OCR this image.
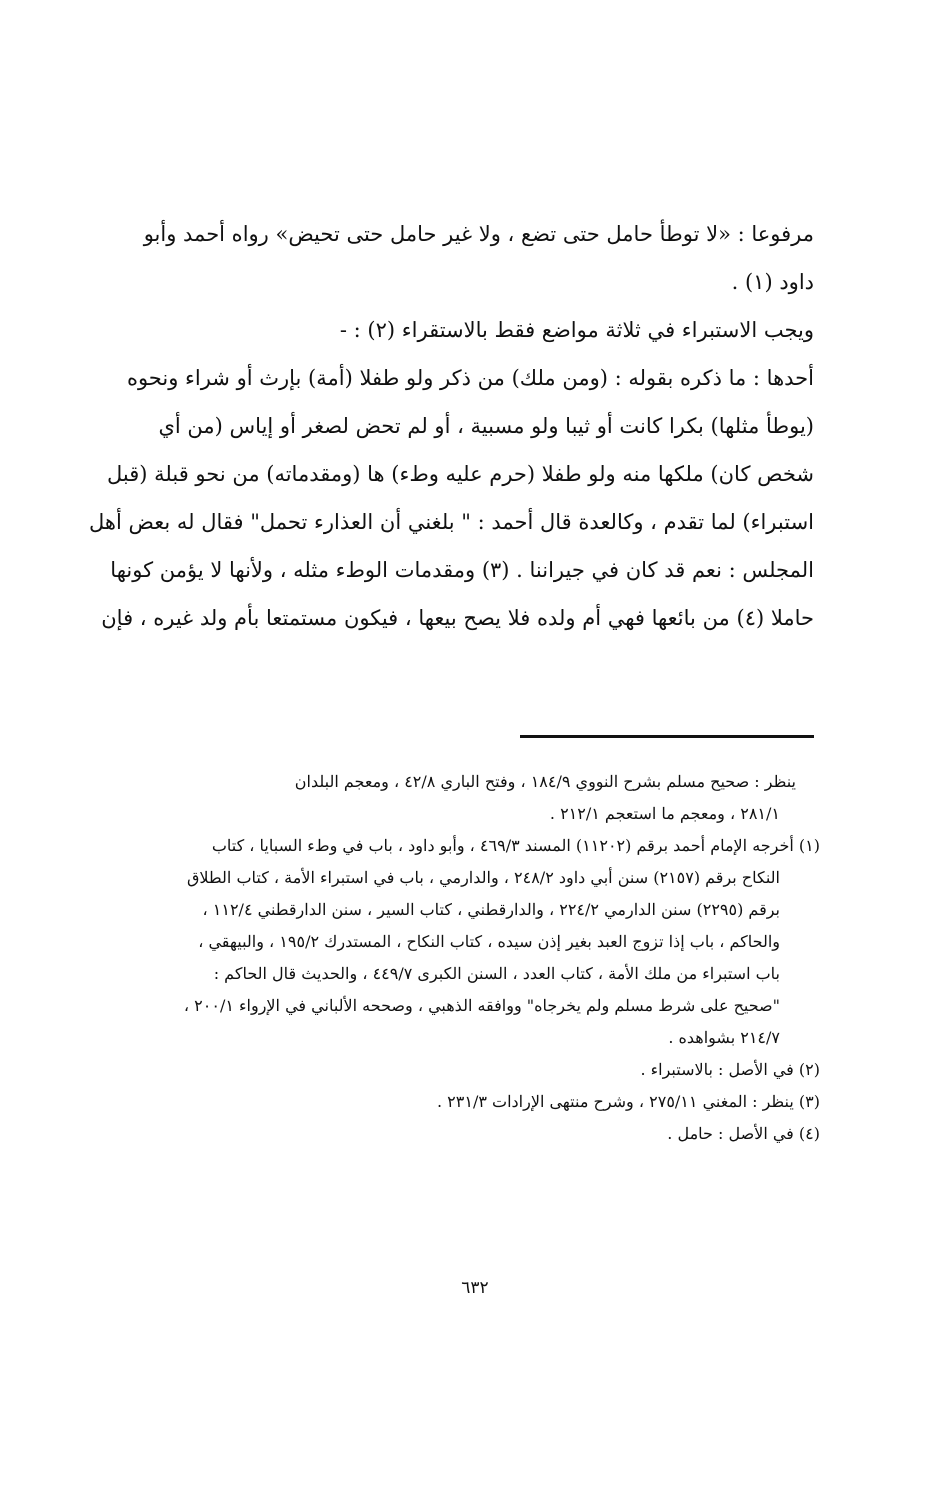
مرفوعا : «لا توطأ حامل حتى تضع ، ولا غير حامل حتى تحيض» رواه أحمد وأبو
داود (١) .
ويجب الاستبراء في ثلاثة مواضع فقط بالاستقراء (٢) : -
أحدها : ما ذكره بقوله : (ومن ملك) من ذكر ولو طفلا (أمة) بإرث أو شراء ونحوه
(يوطأ مثلها) بكرا كانت أو ثيبا ولو مسبية ، أو لم تحض لصغر أو إياس (من أي
شخص كان) ملكها منه ولو طفلا (حرم عليه وطء) ها (ومقدماته) من نحو قبلة (قبل
استبراء) لما تقدم ، وكالعدة قال أحمد : " بلغني أن العذارء تحمل" فقال له بعض أهل
المجلس : نعم قد كان في جيراننا . (٣) ومقدمات الوطء مثله ، ولأنها لا يؤمن كونها
حاملا (٤) من بائعها فهي أم ولده فلا يصح بيعها ، فيكون مستمتعا بأم ولد غيره ، فإن
ينظر : صحيح مسلم بشرح النووي ١٨٤/٩ ، وفتح الباري ٤٢/٨ ، ومعجم البلدان
٢٨١/١ ، ومعجم ما استعجم ٢١٢/١ .
(١) أخرجه الإمام أحمد برقم (١١٢٠٢) المسند ٤٦٩/٣ ، وأبو داود ، باب في وطء السبايا ، كتاب
النكاح برقم (٢١٥٧) سنن أبي داود ٢٤٨/٢ ، والدارمي ، باب في استبراء الأمة ، كتاب الطلاق
برقم (٢٢٩٥) سنن الدارمي ٢٢٤/٢ ، والدارقطني ، كتاب السير ، سنن الدارقطني ١١٢/٤ ،
والحاكم ، باب إذا تزوج العبد بغير إذن سيده ، كتاب النكاح ، المستدرك ١٩٥/٢ ، والبيهقي ،
باب استبراء من ملك الأمة ، كتاب العدد ، السنن الكبرى ٤٤٩/٧ ، والحديث قال الحاكم :
"صحيح على شرط مسلم ولم يخرجاه" ووافقه الذهبي ، وصححه الألباني في الإرواء ٢٠٠/١ ،
٢١٤/٧ بشواهده .
(٢) في الأصل : بالاستبراء .
(٣) ينظر : المغني ٢٧٥/١١ ، وشرح منتهى الإرادات ٢٣١/٣ .
(٤) في الأصل : حامل .
٦٣٢
